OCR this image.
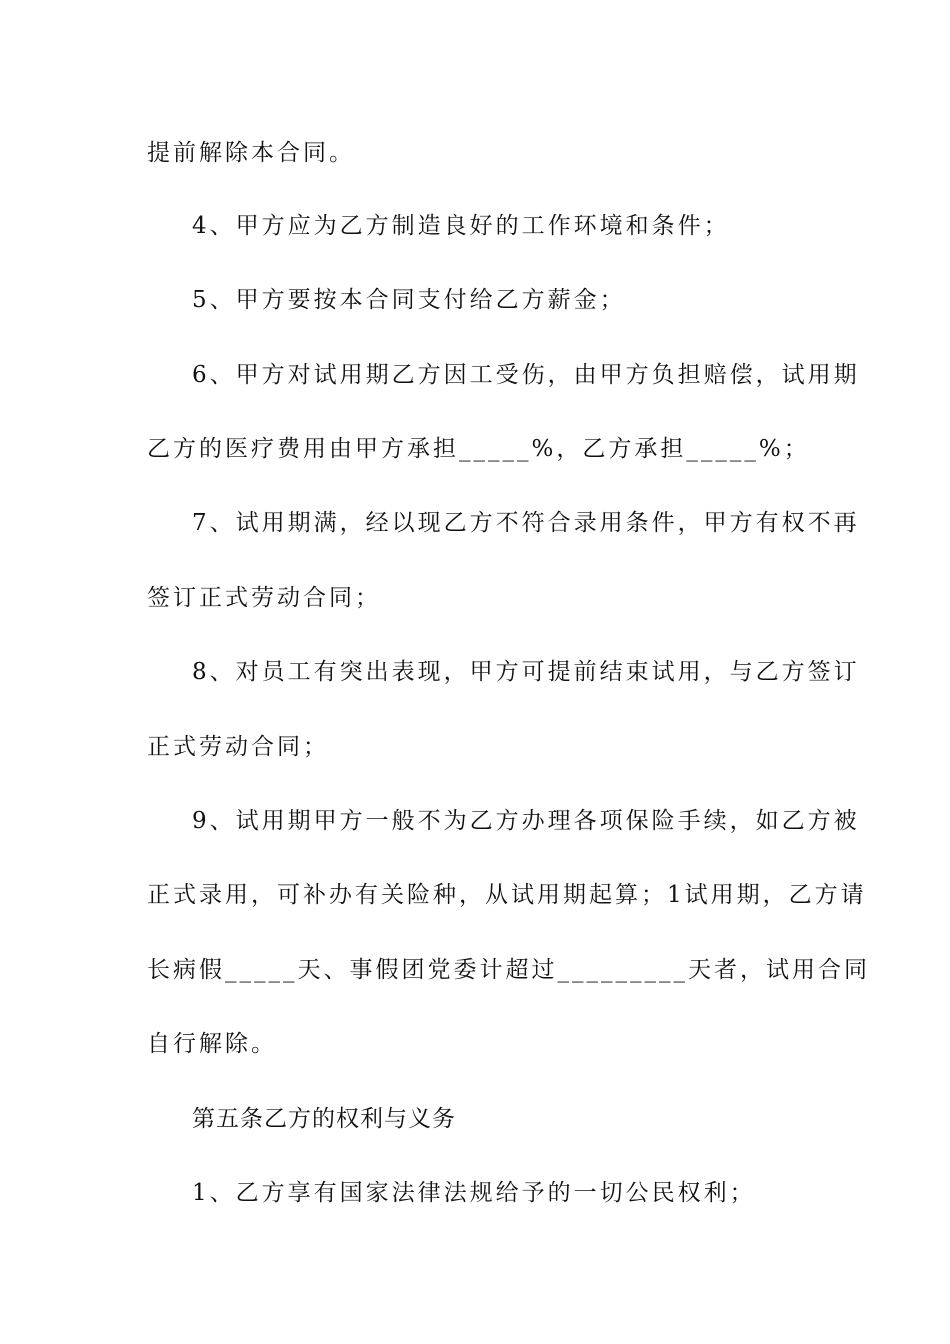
提前解除本合同。

4、甲方应为乙方制造良好的工作环境和条件；

5、甲方要按本合同支付给乙方薪金；

6、甲方对试用期乙方因工受伤，由甲方负担赔偿，试用期

乙方的医疗费用由甲方承担_____%，乙方承担_____%；

7、试用期满，经以现乙方不符合录用条件，甲方有权不再

签订正式劳动合同；

8、对员工有突出表现，甲方可提前结束试用，与乙方签订

正式劳动合同；

9、试用期甲方一般不为乙方办理各项保险手续，如乙方被

正式录用，可补办有关险种，从试用期起算；1试用期，乙方请

长病假_____天、事假团党委计超过_________天者，试用合同

自行解除。

第五条乙方的权利与义务

1、乙方享有国家法律法规给予的一切公民权利；
